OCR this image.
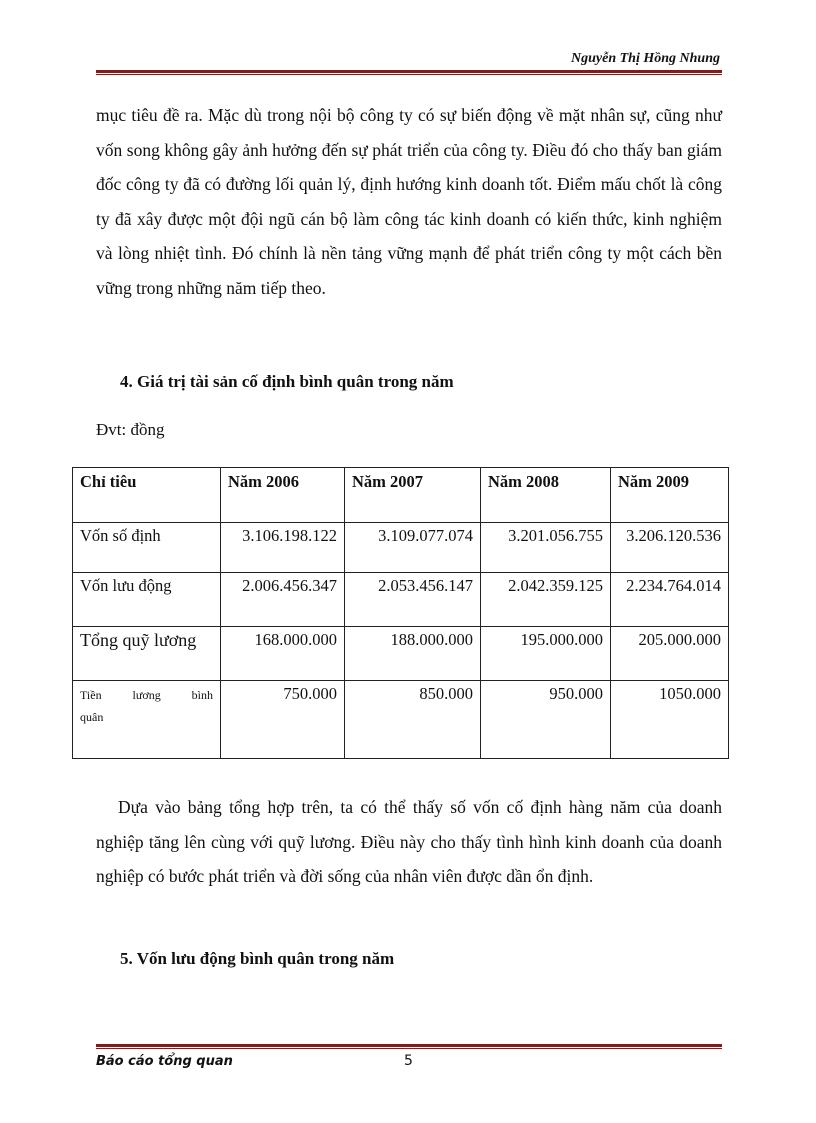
Nguyễn Thị Hồng Nhung

mục tiêu đề ra. Mặc dù trong nội bộ công ty có sự biến động về mặt nhân sự, cũng như vốn song không gây ảnh hưởng đến sự phát triển của công ty. Điều đó cho thấy ban giám đốc công ty đã có đường lối quản lý, định hướng kinh doanh tốt. Điểm mấu chốt là công ty đã xây được một đội ngũ cán bộ làm công tác kinh doanh có kiến thức, kinh nghiệm và lòng nhiệt tình. Đó chính là nền tảng vững mạnh để phát triển công ty một cách bền vững trong những năm tiếp theo.

4. Giá trị tài sản cố định bình quân trong năm
Đvt: đồng
Chỉ tiêu	Năm 2006	Năm 2007	Năm 2008	Năm 2009
Vốn số định	3.106.198.122	3.109.077.074	3.201.056.755	3.206.120.536
Vốn lưu động	2.006.456.347	2.053.456.147	2.042.359.125	2.234.764.014
Tổng quỹ lương	168.000.000	188.000.000	195.000.000	205.000.000
Tiền lương bình
quân	750.000	850.000	950.000	1050.000

Dựa vào bảng tổng hợp trên, ta có thể thấy số vốn cố định hàng năm của doanh nghiệp tăng lên cùng với quỹ lương. Điều này cho thấy tình hình kinh doanh của doanh nghiệp có bước phát triển và đời sống của nhân viên được dần ổn định.

5. Vốn lưu động bình quân trong năm
Báo cáo tổng quan	5
